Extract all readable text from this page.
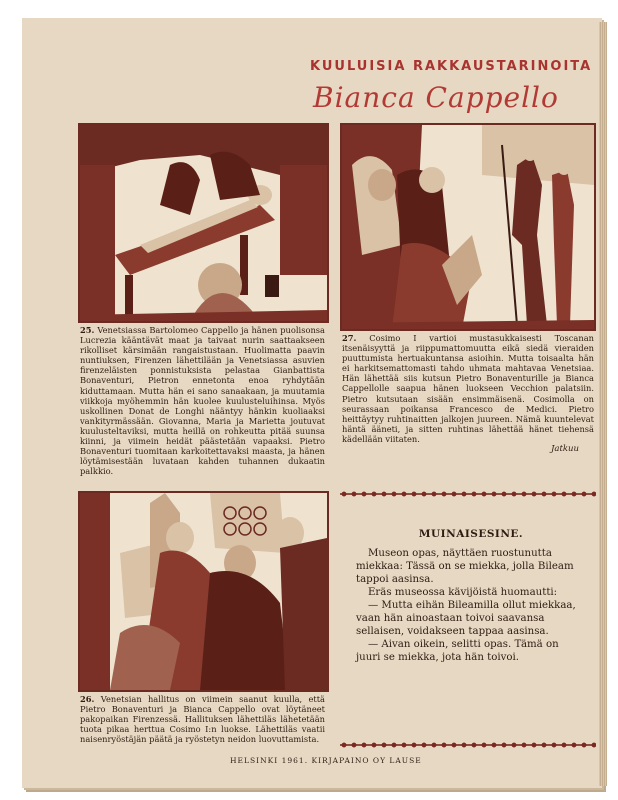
KUULUISIA RAKKAUSTARINOITA
Bianca Cappello
25. Venetsiassa Bartolomeo Cappello ja hänen puolisonsa Lucrezia kääntävät maat ja taivaat nurin saattaakseen rikolliset kärsimään rangaistustaan. Huolimatta paavin nuntiuksen, Firenzen lähettilään ja Venetsiassa asuvien firenzeläisten ponnistuksista pelastaa Gianbattista Bonaventuri, Pietron ennetonta enoa ryhdytään kiduttamaan. Mutta hän ei sano sanaakaan, ja muutamia viikkoja myöhemmin hän kuolee kuulusteluihinsa. Myös uskollinen Donat de Longhi nääntyy hänkin kuoliaaksi vankityrmässään. Giovanna, Maria ja Marietta joutuvat kuulusteltaviksi, mutta heillä on rohkeutta pitää suunsa kiinni, ja viimein heidät päästetään vapaaksi. Pietro Bonaventuri tuomitaan karkoitettavaksi maasta, ja hänen löytämisestään luvataan kahden tuhannen dukaatin palkkio.
27. Cosimo I vartioi mustasukkaisesti Toscanan itsenäisyyttä ja riippumattomuutta eikä siedä vieraiden puuttumista hertuakuntansa asioihin. Mutta toisaalta hän ei harkitsemattomasti tahdo uhmata mahtavaa Venetsiaa. Hän lähettää siis kutsun Pietro Bonaventurille ja Bianca Cappellolle saapua hänen luokseen Vecchion palatsiin. Pietro kutsutaan sisään ensimmäisenä. Cosimolla on seurassaan poikansa Francesco de Medici. Pietro heittäytyy ruhtinaitten jalkojen juureen. Nämä kuuntelevat häntä äänetі, ja sitten ruhtinas lähettää hänet tiehensä kädellään viitaten.
Jatkuu
26. Venetsian hallitus on viimein saanut kuulla, että Pietro Bonaventuri ja Bianca Cappello ovat löytäneet pakopaikan Firenzessä. Hallituksen lähettiläs lähetetään tuota pikaa herttua Cosimo I:n luokse. Lähettiläs vaatii naisenryöstäjän päätä ja ryöstetyn neidon luovuttamista.
MUINAISESINE.

Museon opas, näyttäen ruostunutta miekkaa: Tässä on se miekka, jolla Bileam tappoi aasinsa.

Eräs museossa kävijöistä huomautti:

— Mutta eihän Bileamilla ollut miekkaa, vaan hän ainoastaan toivoi saavansa sellaisen, voidakseen tappaa aasinsa.

— Aivan oikein, selitti opas. Tämä on juuri se miekka, jota hän toivoi.

HELSINKI 1961. KIRJAPAINO OY LAUSE
